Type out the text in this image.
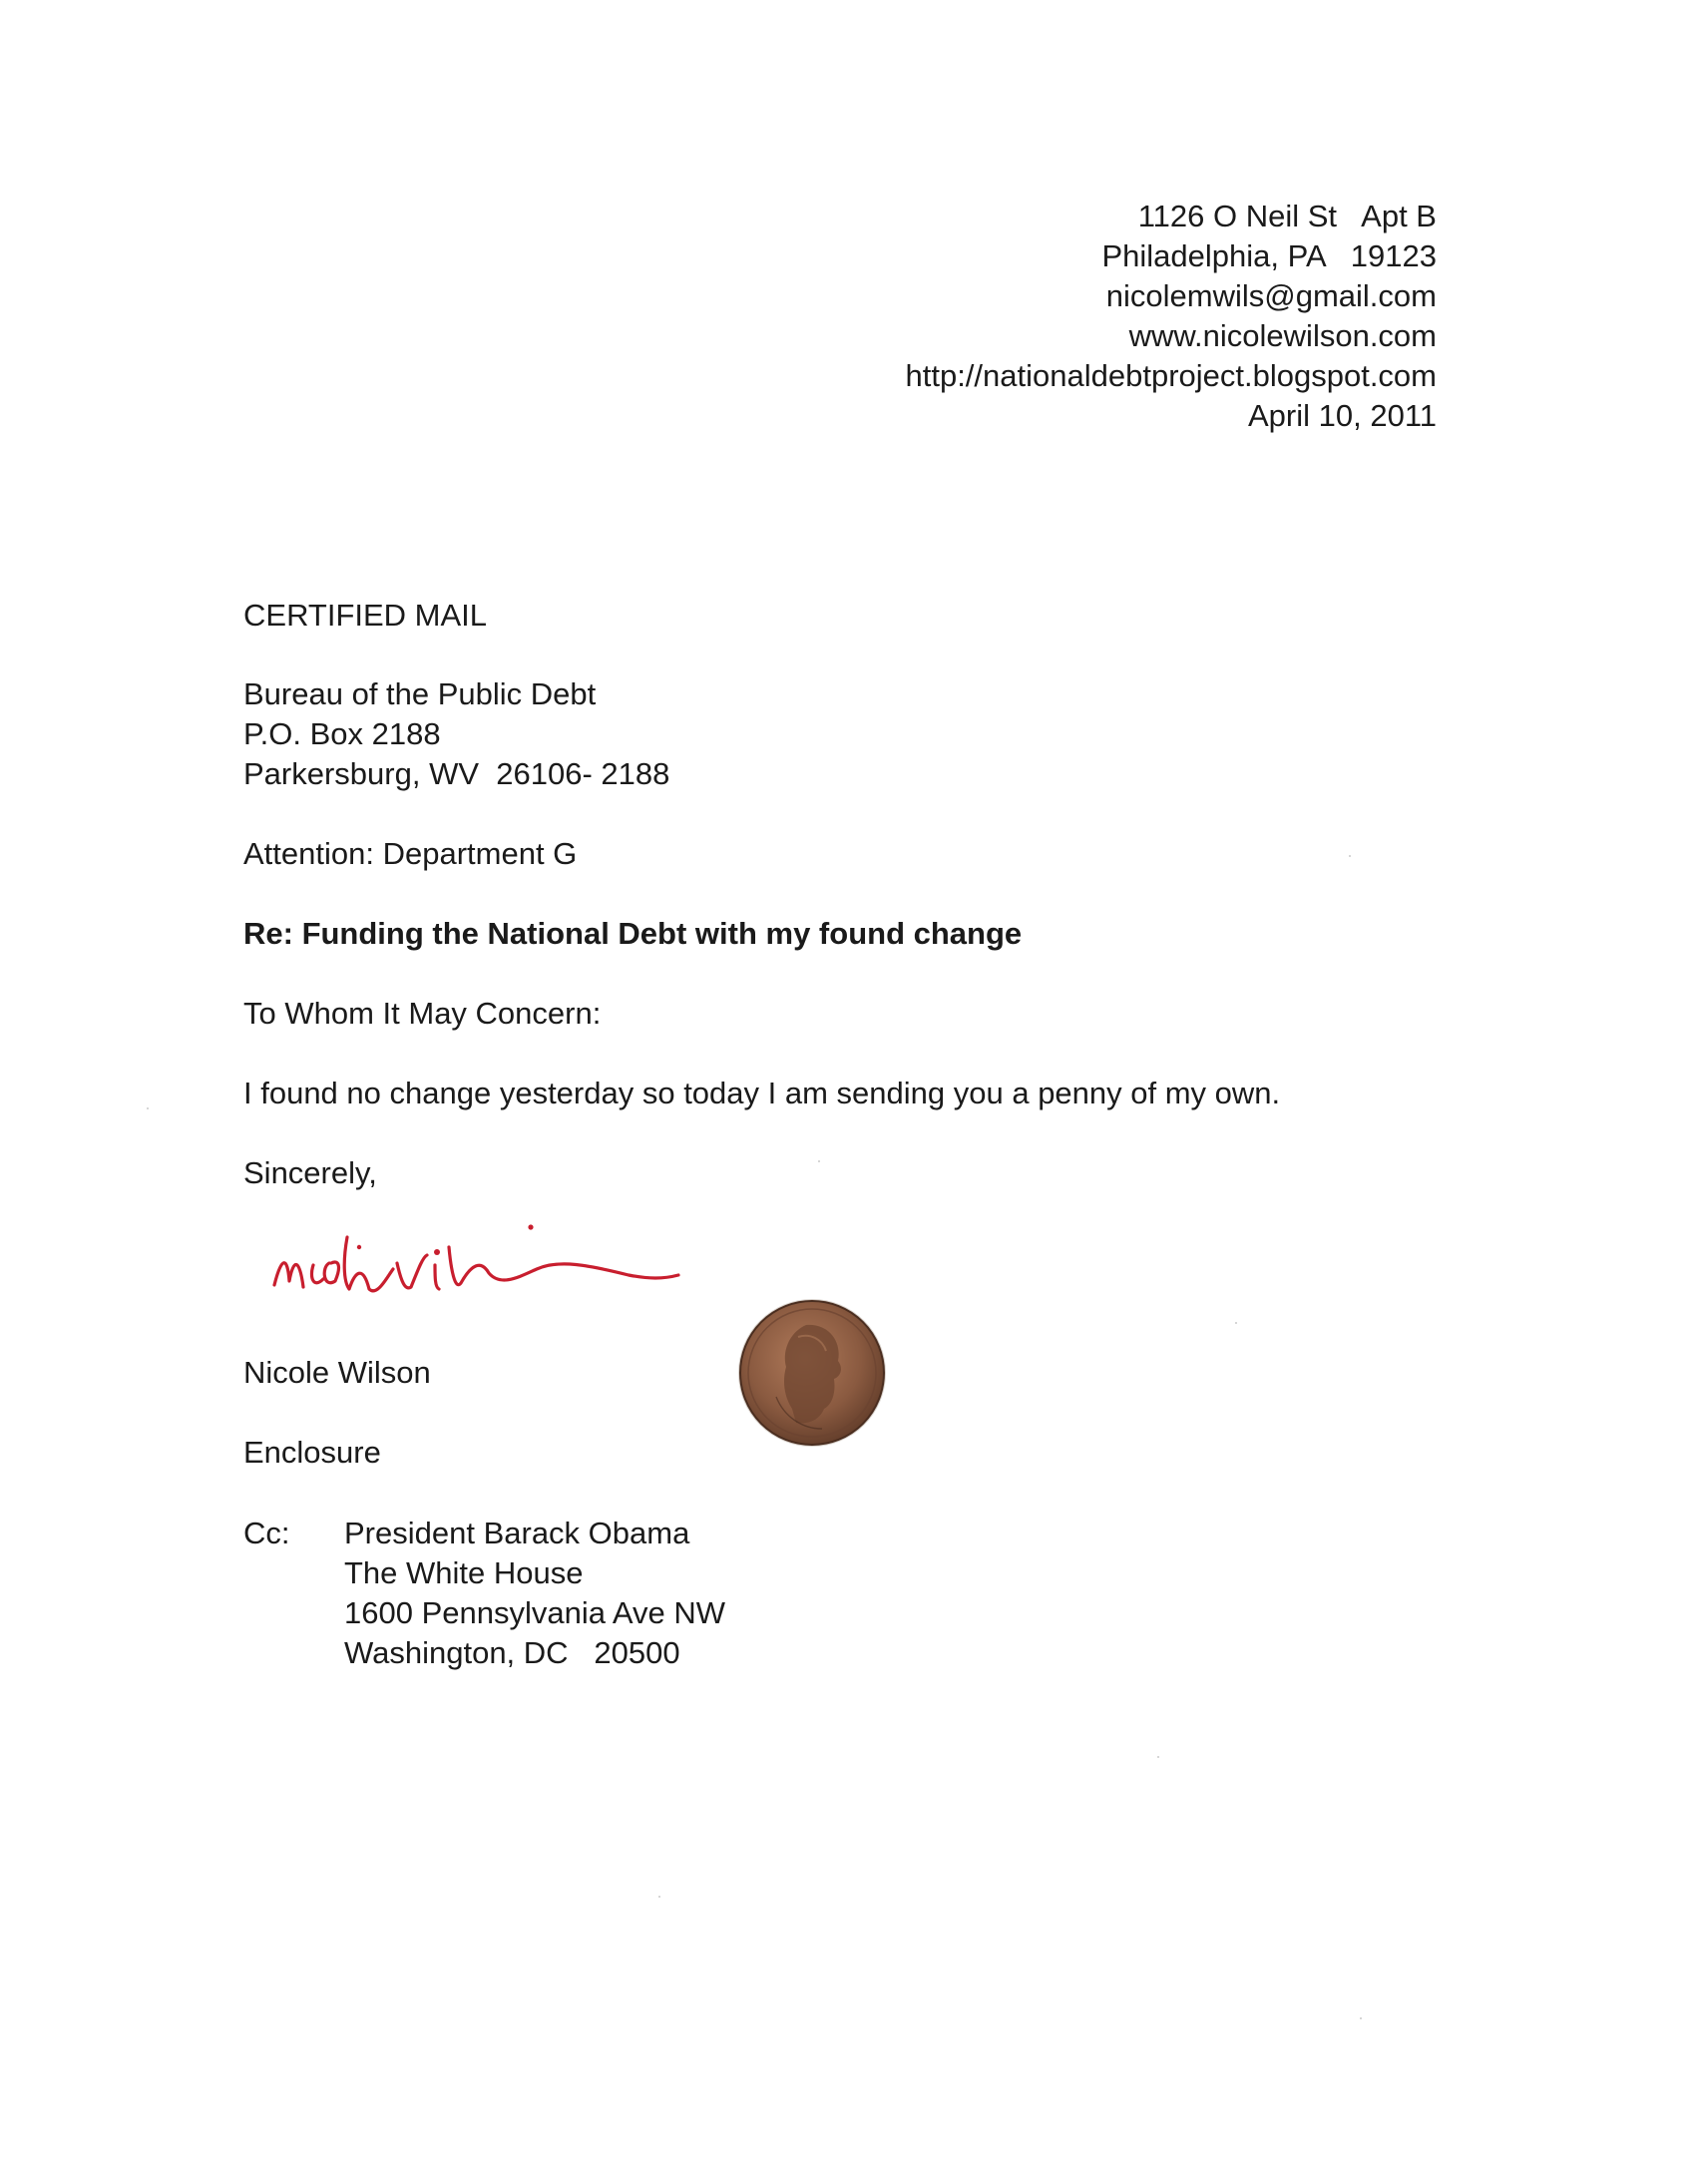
1126 O Neil St   Apt B
Philadelphia, PA   19123
nicolemwils@gmail.com
www.nicolewilson.com
http://nationaldebtproject.blogspot.com
April 10, 2011
CERTIFIED MAIL
Bureau of the Public Debt
P.O. Box 2188
Parkersburg, WV  26106- 2188
Attention: Department G
Re: Funding the National Debt with my found change
To Whom It May Concern:
I found no change yesterday so today I am sending you a penny of my own.
Sincerely,
Nicole Wilson
Enclosure
Cc: President Barack Obama
The White House
1600 Pennsylvania Ave NW
Washington, DC   20500
